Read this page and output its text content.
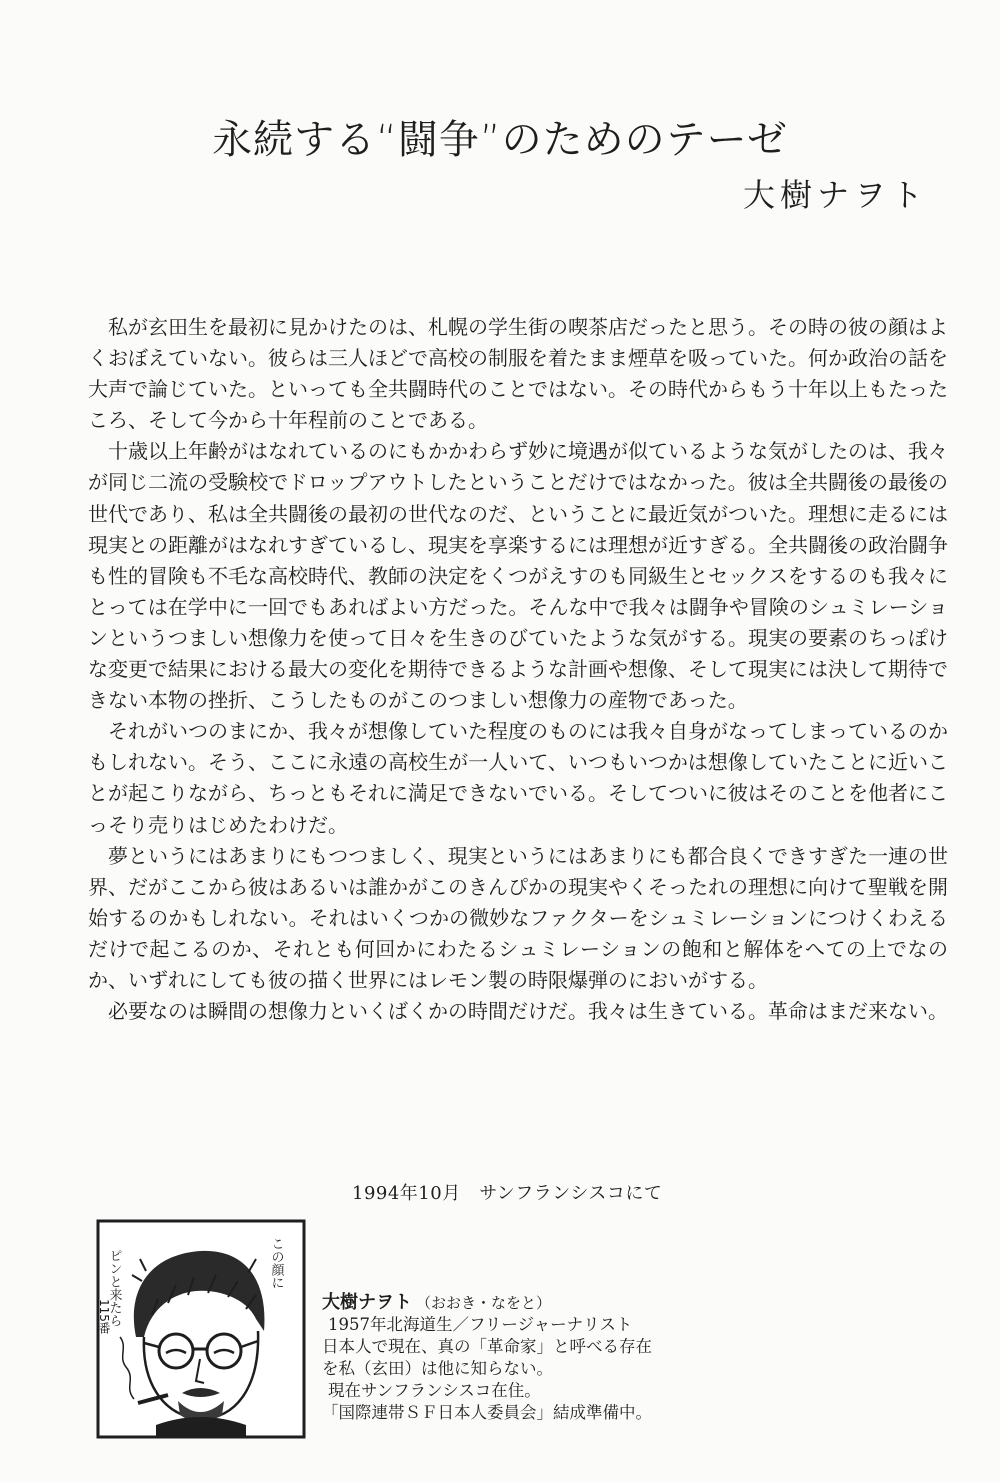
永続する“闘争”のためのテーゼ
大樹ナヲト

私が玄田生を最初に見かけたのは、札幌の学生街の喫茶店だったと思う。その時の彼の顔はよくおぼえていない。彼らは三人ほどで高校の制服を着たまま煙草を吸っていた。何か政治の話を大声で論じていた。といっても全共闘時代のことではない。その時代からもう十年以上もたったころ、そして今から十年程前のことである。

十歳以上年齢がはなれているのにもかかわらず妙に境遇が似ているような気がしたのは、我々が同じ二流の受験校でドロップアウトしたということだけではなかった。彼は全共闘後の最後の世代であり、私は全共闘後の最初の世代なのだ、ということに最近気がついた。理想に走るには現実との距離がはなれすぎているし、現実を享楽するには理想が近すぎる。全共闘後の政治闘争も性的冒険も不毛な高校時代、教師の決定をくつがえすのも同級生とセックスをするのも我々にとっては在学中に一回でもあればよい方だった。そんな中で我々は闘争や冒険のシュミレーションというつましい想像力を使って日々を生きのびていたような気がする。現実の要素のちっぽけな変更で結果における最大の変化を期待できるような計画や想像、そして現実には決して期待できない本物の挫折、こうしたものがこのつましい想像力の産物であった。

それがいつのまにか、我々が想像していた程度のものには我々自身がなってしまっているのかもしれない。そう、ここに永遠の高校生が一人いて、いつもいつかは想像していたことに近いことが起こりながら、ちっともそれに満足できないでいる。そしてついに彼はそのことを他者にこっそり売りはじめたわけだ。

夢というにはあまりにもつつましく、現実というにはあまりにも都合良くできすぎた一連の世界、だがここから彼はあるいは誰かがこのきんぴかの現実やくそったれの理想に向けて聖戦を開始するのかもしれない。それはいくつかの微妙なファクターをシュミレーションにつけくわえるだけで起こるのか、それとも何回かにわたるシュミレーションの飽和と解体をへての上でなのか、いずれにしても彼の描く世界にはレモン製の時限爆弾のにおいがする。

必要なのは瞬間の想像力といくばくかの時間だけだ。我々は生きている。革命はまだ来ない。

1994年10月　サンフランシスコにて
この顔に
ピンと来たら
115番	大樹ナヲト （おおき・なをと）
1957年北海道生／フリージャーナリスト
日本人で現在、真の「革命家」と呼べる存在
を私（玄田）は他に知らない。
現在サンフランシスコ在住。
「国際連帯ＳＦ日本人委員会」結成準備中。
